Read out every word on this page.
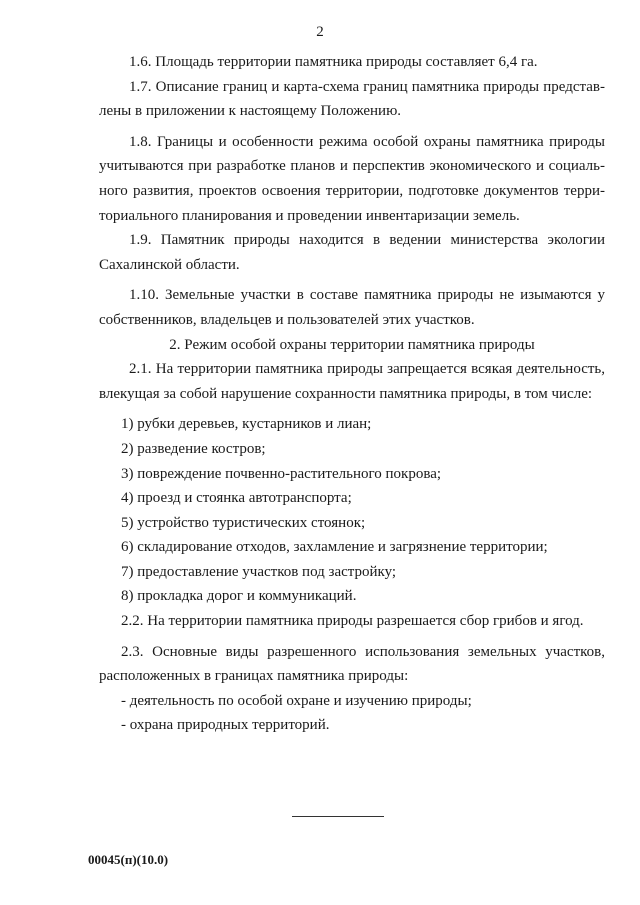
2
1.6. Площадь территории памятника природы составляет 6,4 га.
1.7. Описание границ и карта-схема границ памятника природы представ-
лены в приложении к настоящему Положению.
1.8. Границы и особенности режима особой охраны памятника природы
учитываются при разработке планов и перспектив экономического и социаль-
ного развития, проектов освоения территории, подготовке документов терри-
ториального планирования и проведении инвентаризации земель.
1.9. Памятник природы находится в ведении министерства экологии
Сахалинской области.
1.10. Земельные участки в составе памятника природы не изымаются у
собственников, владельцев и пользователей этих участков.
2. Режим особой охраны территории памятника природы
2.1. На территории памятника природы запрещается всякая деятельность,
влекущая за собой нарушение сохранности памятника природы, в том числе:
1) рубки деревьев, кустарников и лиан;
2) разведение костров;
3) повреждение почвенно-растительного покрова;
4) проезд и стоянка автотранспорта;
5) устройство туристических стоянок;
6) складирование отходов, захламление и загрязнение территории;
7) предоставление участков под застройку;
8) прокладка дорог и коммуникаций.
2.2. На территории памятника природы разрешается сбор грибов и ягод.
2.3. Основные виды разрешенного использования земельных участков,
расположенных в границах памятника природы:
- деятельность по особой охране и изучению природы;
- охрана природных территорий.
00045(п)(10.0)
